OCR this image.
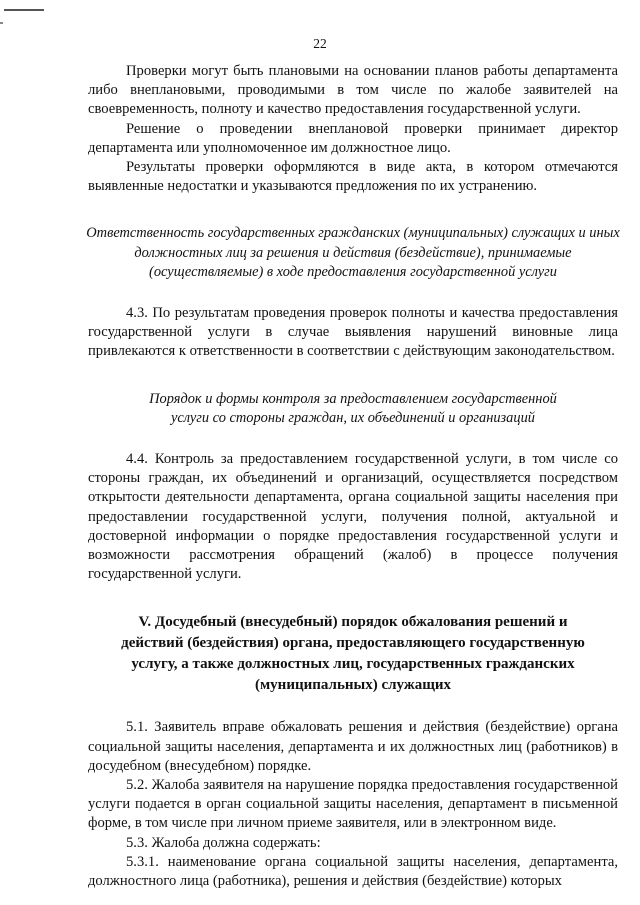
22

Проверки могут быть плановыми на основании планов работы департамента либо внеплановыми, проводимыми в том числе по жалобе заявителей на своевременность, полноту и качество предоставления государственной услуги.

Решение о проведении внеплановой проверки принимает директор департамента или уполномоченное им должностное лицо.

Результаты проверки оформляются в виде акта, в котором отмечаются выявленные недостатки и указываются предложения по их устранению.

Ответственность государственных гражданских (муниципальных) служащих и иных должностных лиц за решения и действия (бездействие), принимаемые (осуществляемые) в ходе предоставления государственной услуги

4.3. По результатам проведения проверок полноты и качества предоставления государственной услуги в случае выявления нарушений виновные лица привлекаются к ответственности в соответствии с действующим законодательством.

Порядок и формы контроля за предоставлением государственной услуги со стороны граждан, их объединений и организаций

4.4. Контроль за предоставлением государственной услуги, в том числе со стороны граждан, их объединений и организаций, осуществляется посредством открытости деятельности департамента, органа социальной защиты населения при предоставлении государственной услуги, получения полной, актуальной и достоверной информации о порядке предоставления государственной услуги и возможности рассмотрения обращений (жалоб) в процессе получения государственной услуги.

V. Досудебный (внесудебный) порядок обжалования решений и действий (бездействия) органа, предоставляющего государственную услугу, а также должностных лиц, государственных гражданских (муниципальных) служащих

5.1. Заявитель вправе обжаловать решения и действия (бездействие) органа социальной защиты населения, департамента и их должностных лиц (работников) в досудебном (внесудебном) порядке.

5.2. Жалоба заявителя на нарушение порядка предоставления государственной услуги подается в орган социальной защиты населения, департамент в письменной форме, в том числе при личном приеме заявителя, или в электронном виде.

5.3. Жалоба должна содержать:

5.3.1. наименование органа социальной защиты населения, департамента, должностного лица (работника), решения и действия (бездействие) которых
